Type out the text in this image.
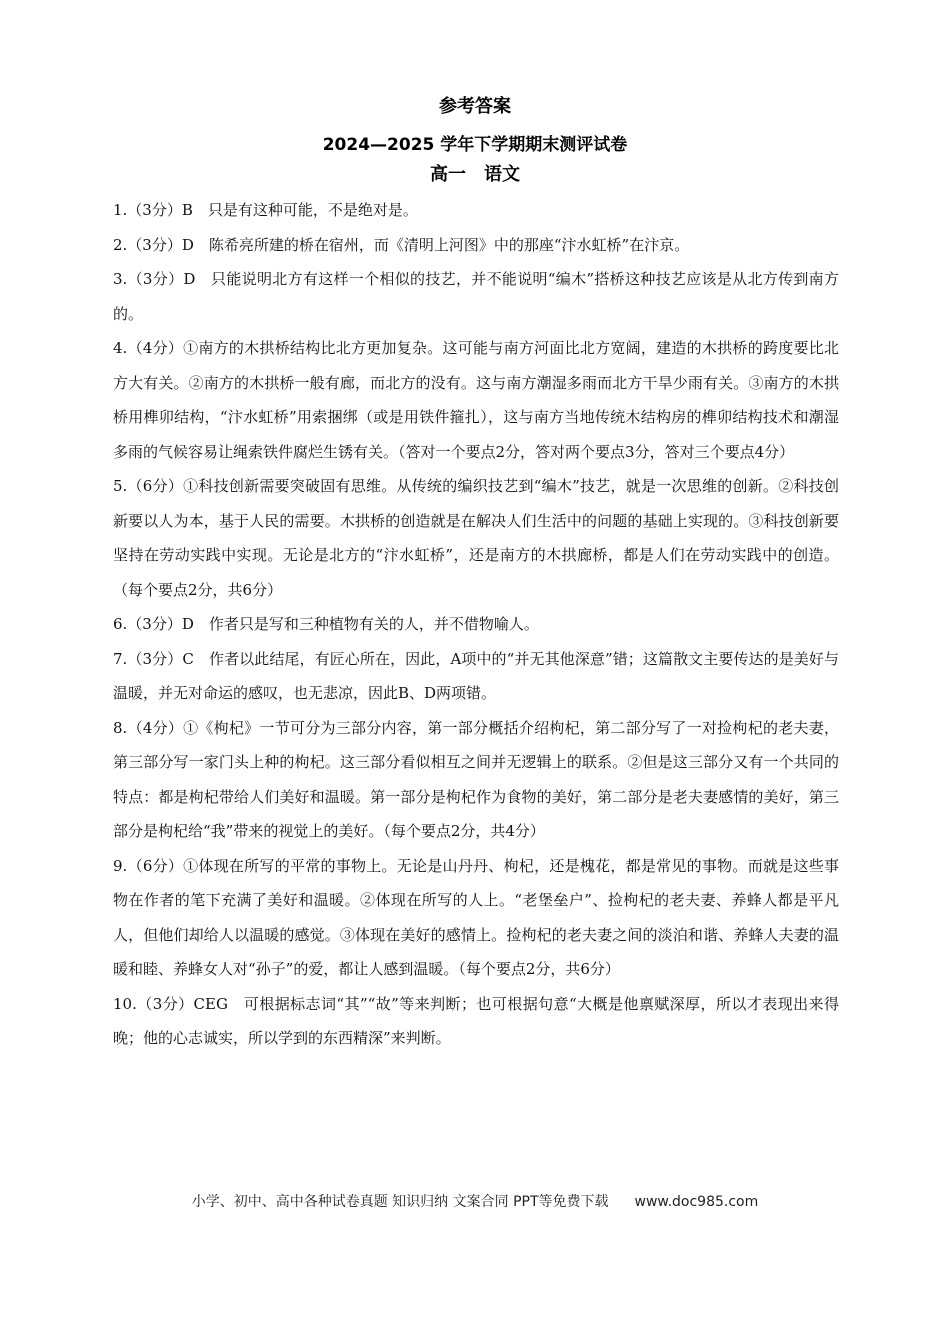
参考答案
2024—2025 学年下学期期末测评试卷
高一　语文

1.（3分）B　只是有这种可能，不是绝对是。

2.（3分）D　陈希亮所建的桥在宿州，而《清明上河图》中的那座“汴水虹桥”在汴京。

3.（3分）D　只能说明北方有这样一个相似的技艺，并不能说明“编木”搭桥这种技艺应该是从北方传到南方的。

4.（4分）①南方的木拱桥结构比北方更加复杂。这可能与南方河面比北方宽阔，建造的木拱桥的跨度要比北方大有关。②南方的木拱桥一般有廊，而北方的没有。这与南方潮湿多雨而北方干旱少雨有关。③南方的木拱桥用榫卯结构，“汴水虹桥”用索捆绑（或是用铁件箍扎），这与南方当地传统木结构房的榫卯结构技术和潮湿多雨的气候容易让绳索铁件腐烂生锈有关。（答对一个要点2分，答对两个要点3分，答对三个要点4分）

5.（6分）①科技创新需要突破固有思维。从传统的编织技艺到“编木”技艺，就是一次思维的创新。②科技创新要以人为本，基于人民的需要。木拱桥的创造就是在解决人们生活中的问题的基础上实现的。③科技创新要坚持在劳动实践中实现。无论是北方的“汴水虹桥”，还是南方的木拱廊桥，都是人们在劳动实践中的创造。（每个要点2分，共6分）

6.（3分）D　作者只是写和三种植物有关的人，并不借物喻人。

7.（3分）C　作者以此结尾，有匠心所在，因此，A项中的“并无其他深意”错；这篇散文主要传达的是美好与温暖，并无对命运的感叹，也无悲凉，因此B、D两项错。

8.（4分）①《枸杞》一节可分为三部分内容，第一部分概括介绍枸杞，第二部分写了一对捡枸杞的老夫妻，第三部分写一家门头上种的枸杞。这三部分看似相互之间并无逻辑上的联系。②但是这三部分又有一个共同的特点：都是枸杞带给人们美好和温暖。第一部分是枸杞作为食物的美好，第二部分是老夫妻感情的美好，第三部分是枸杞给“我”带来的视觉上的美好。（每个要点2分，共4分）

9.（6分）①体现在所写的平常的事物上。无论是山丹丹、枸杞，还是槐花，都是常见的事物。而就是这些事物在作者的笔下充满了美好和温暖。②体现在所写的人上。“老堡垒户”、捡枸杞的老夫妻、养蜂人都是平凡人，但他们却给人以温暖的感觉。③体现在美好的感情上。捡枸杞的老夫妻之间的淡泊和谐、养蜂人夫妻的温暖和睦、养蜂女人对“孙子”的爱，都让人感到温暖。（每个要点2分，共6分）

10.（3分）CEG　可根据标志词“其”“故”等来判断；也可根据句意“大概是他禀赋深厚，所以才表现出来得晚；他的心志诚实，所以学到的东西精深”来判断。

小学、初中、高中各种试卷真题 知识归纳 文案合同 PPT等免费下载 www.doc985.com
